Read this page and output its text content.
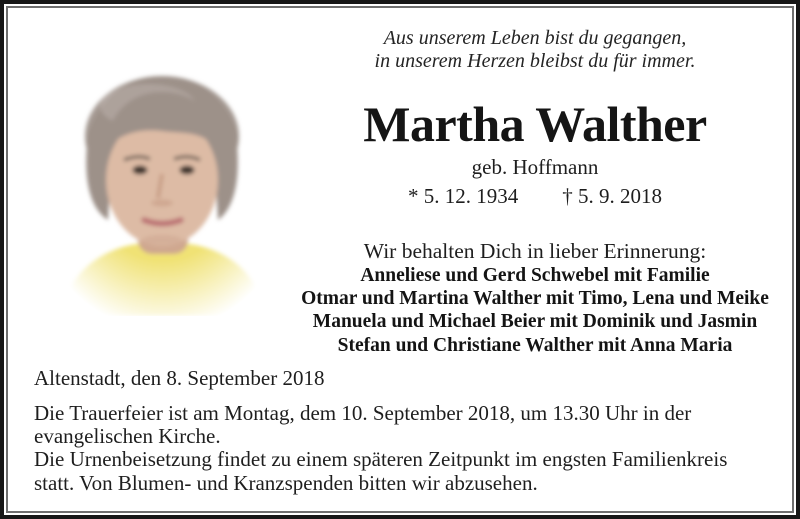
Aus unserem Leben bist du gegangen,
in unserem Herzen bleibst du für immer.
Martha Walther
geb. Hoffmann
* 5. 12. 1934 † 5. 9. 2018
Wir behalten Dich in lieber Erinnerung:
Anneliese und Gerd Schwebel mit Familie
Otmar und Martina Walther mit Timo, Lena und Meike
Manuela und Michael Beier mit Dominik und Jasmin
Stefan und Christiane Walther mit Anna Maria
Altenstadt, den 8. September 2018
Die Trauerfeier ist am Montag, dem 10. September 2018, um 13.30 Uhr in der
evangelischen Kirche.
Die Urnenbeisetzung findet zu einem späteren Zeitpunkt im engsten Familienkreis
statt. Von Blumen- und Kranzspenden bitten wir abzusehen.
